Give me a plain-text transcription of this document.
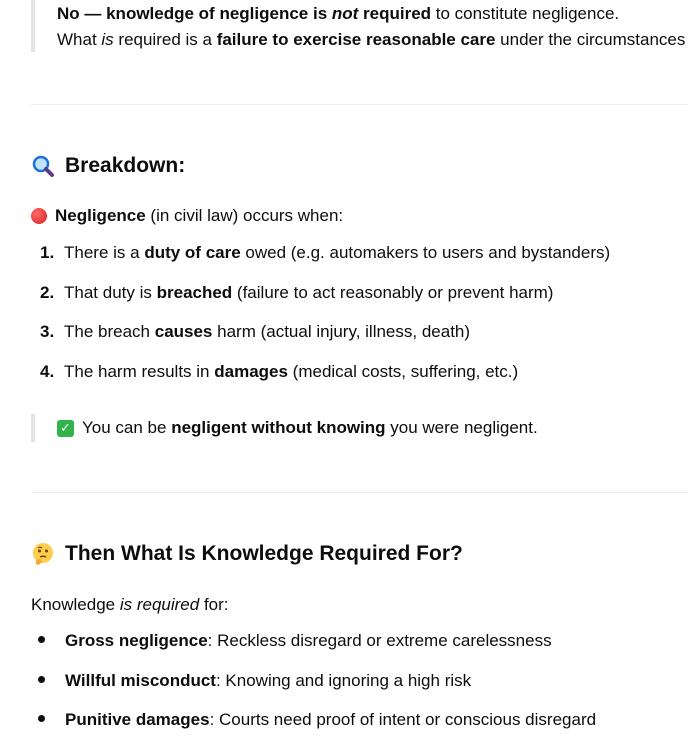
No — knowledge of negligence is not required to constitute negligence.
What is required is a failure to exercise reasonable care under the circumstances
Breakdown:
Negligence (in civil law) occurs when:
1. There is a duty of care owed (e.g. automakers to users and bystanders)
2. That duty is breached (failure to act reasonably or prevent harm)
3. The breach causes harm (actual injury, illness, death)
4. The harm results in damages (medical costs, suffering, etc.)
✓ You can be negligent without knowing you were negligent.
Then What Is Knowledge Required For?
Knowledge is required for:
Gross negligence: Reckless disregard or extreme carelessness
Willful misconduct: Knowing and ignoring a high risk
Punitive damages: Courts need proof of intent or conscious disregard
